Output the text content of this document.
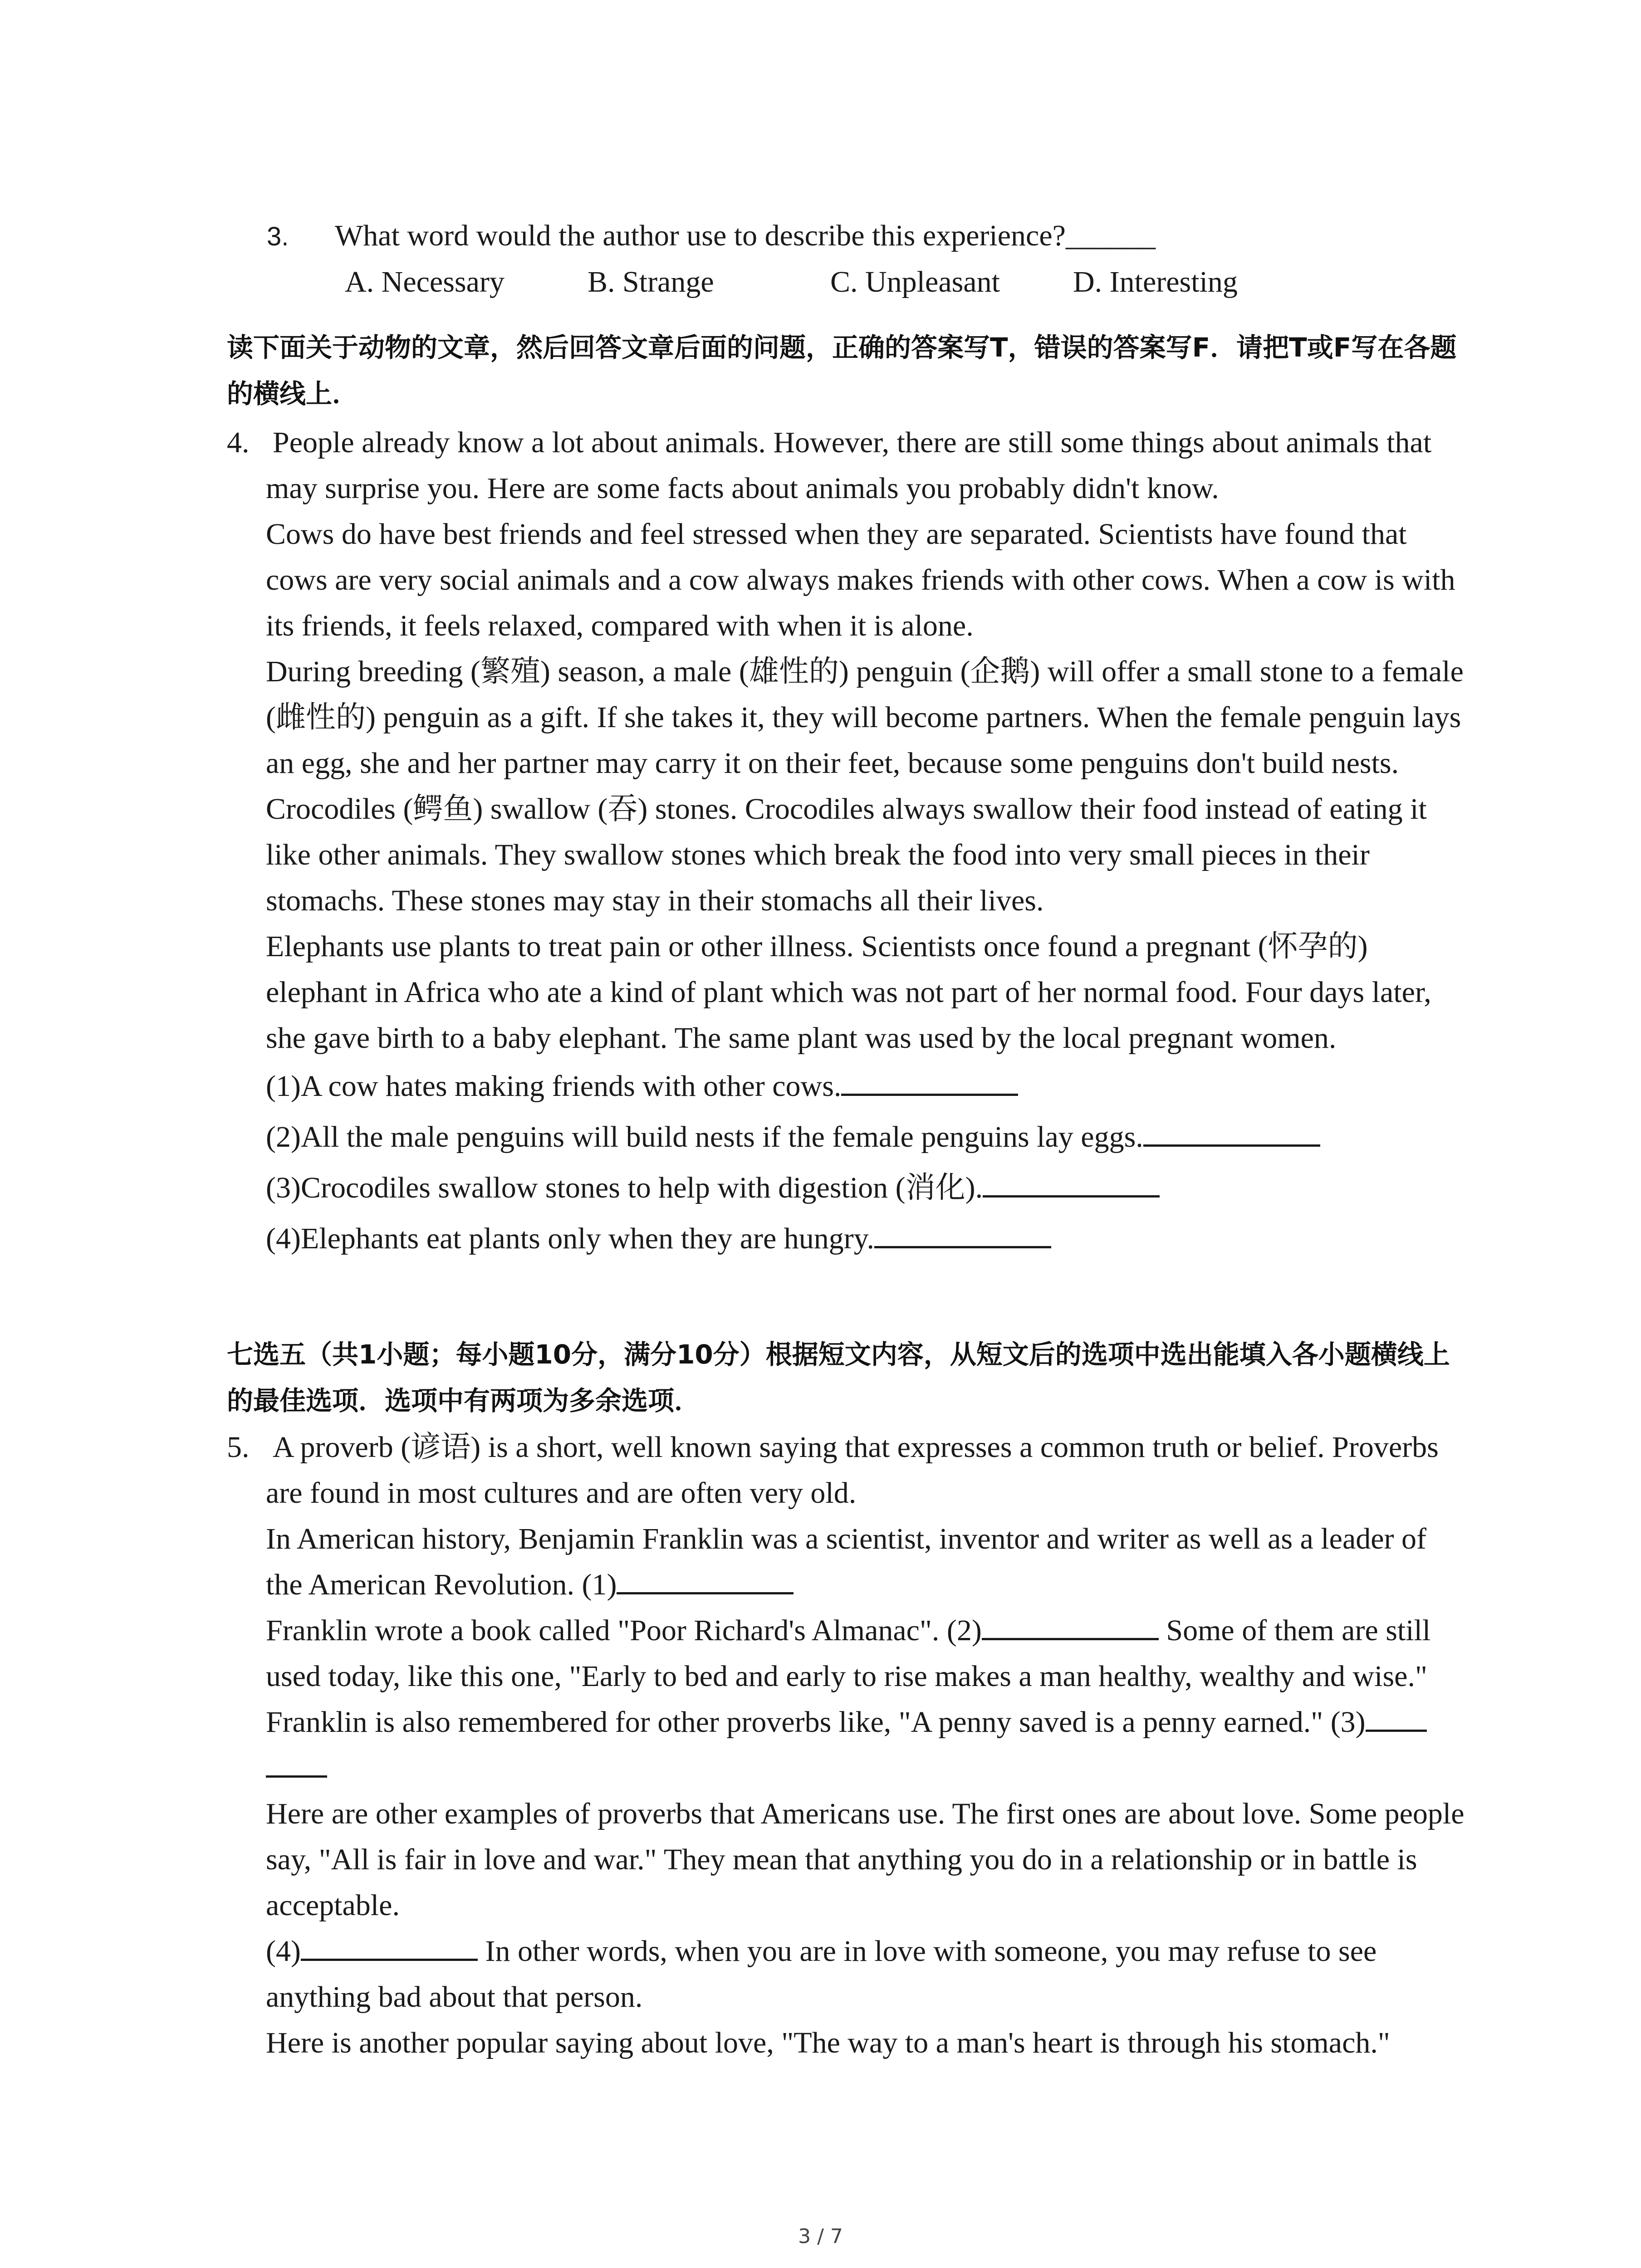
3. What word would the author use to describe this experience?______
A. Necessary	B. Strange	C. Unpleasant D. Interesting
读下面关于动物的文章，然后回答文章后面的问题，正确的答案写T，错误的答案写F．请把T或F写在各题的横线上．
4. People already know a lot about animals. However, there are still some things about animals that may surprise you. Here are some facts about animals you probably didn't know.

Cows do have best friends and feel stressed when they are separated. Scientists have found that cows are very social animals and a cow always makes friends with other cows. When a cow is with its friends, it feels relaxed, compared with when it is alone.

During breeding (繁殖) season, a male (雄性的) penguin (企鹅) will offer a small stone to a female (雌性的) penguin as a gift. If she takes it, they will become partners. When the female penguin lays an egg, she and her partner may carry it on their feet, because some penguins don't build nests.

Crocodiles (鳄鱼) swallow (吞) stones. Crocodiles always swallow their food instead of eating it like other animals. They swallow stones which break the food into very small pieces in their stomachs. These stones may stay in their stomachs all their lives.

Elephants use plants to treat pain or other illness. Scientists once found a pregnant (怀孕的) elephant in Africa who ate a kind of plant which was not part of her normal food. Four days later, she gave birth to a baby elephant. The same plant was used by the local pregnant women.

(1)A cow hates making friends with other cows.
(2)All the male penguins will build nests if the female penguins lay eggs.
(3)Crocodiles swallow stones to help with digestion (消化).
(4)Elephants eat plants only when they are hungry.
七选五（共1小题；每小题10分，满分10分）根据短文内容，从短文后的选项中选出能填入各小题横线上的最佳选项．选项中有两项为多余选项．
5. A proverb (谚语) is a short, well known saying that expresses a common truth or belief. Proverbs are found in most cultures and are often very old.

In American history, Benjamin Franklin was a scientist, inventor and writer as well as a leader of the American Revolution. (1)

Franklin wrote a book called "Poor Richard's Almanac". (2)	Some of them are still used today, like this one, "Early to bed and early to rise makes a man healthy, wealthy and wise."

Franklin is also remembered for other proverbs like, "A penny saved is a penny earned." (3)

Here are other examples of proverbs that Americans use. The first ones are about love. Some people say, "All is fair in love and war." They mean that anything you do in a relationship or in battle is acceptable.

(4)	In other words, when you are in love with someone, you may refuse to see anything bad about that person.

Here is another popular saying about love, "The way to a man's heart is through his stomach."

3 / 7
